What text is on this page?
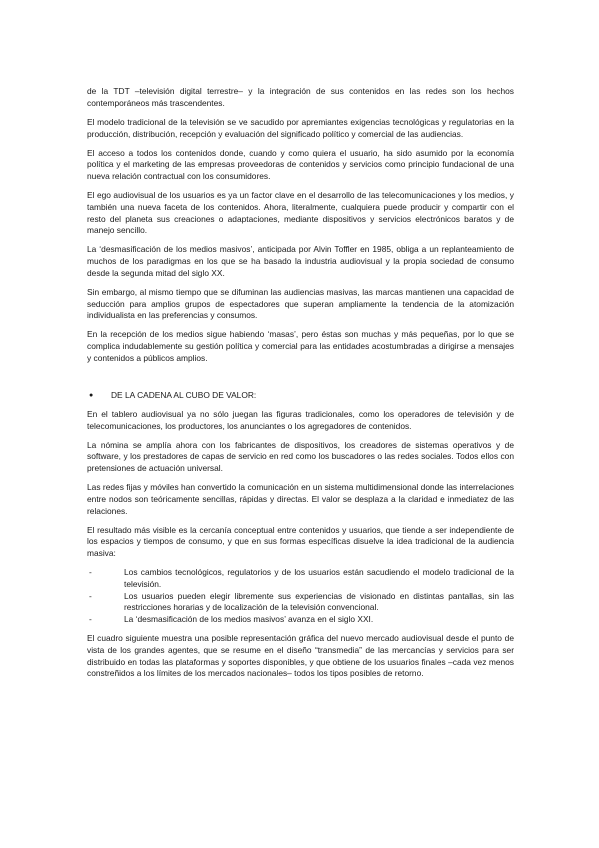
de la TDT –televisión digital terrestre– y la integración de sus contenidos en las redes son los hechos contemporáneos más trascendentes.

El modelo tradicional de la televisión se ve sacudido por apremiantes exigencias tecnológicas y regulatorias en la producción, distribución, recepción y evaluación del significado político y comercial de las audiencias.

El acceso a todos los contenidos donde, cuando y como quiera el usuario, ha sido asumido por la economía política y el marketing de las empresas proveedoras de contenidos y servicios como principio fundacional de una nueva relación contractual con los consumidores.

El ego audiovisual de los usuarios es ya un factor clave en el desarrollo de las telecomunicaciones y los medios, y también una nueva faceta de los contenidos. Ahora, literalmente, cualquiera puede producir y compartir con el resto del planeta sus creaciones o adaptaciones, mediante dispositivos y servicios electrónicos baratos y de manejo sencillo.

La ‘desmasificación de los medios masivos’, anticipada por Alvin Toffler en 1985, obliga a un replanteamiento de muchos de los paradigmas en los que se ha basado la industria audiovisual y la propia sociedad de consumo desde la segunda mitad del siglo XX.

Sin embargo, al mismo tiempo que se difuminan las audiencias masivas, las marcas mantienen una capacidad de seducción para amplios grupos de espectadores que superan ampliamente la tendencia de la atomización individualista en las preferencias y consumos.

En la recepción de los medios sigue habiendo ‘masas’, pero éstas son muchas y más pequeñas, por lo que se complica indudablemente su gestión política y comercial para las entidades acostumbradas a dirigirse a mensajes y contenidos a públicos amplios.

●	DE LA CADENA AL CUBO DE VALOR:

En el tablero audiovisual ya no sólo juegan las figuras tradicionales, como los operadores de televisión y de telecomunicaciones, los productores, los anunciantes o los agregadores de contenidos.

La nómina se amplía ahora con los fabricantes de dispositivos, los creadores de sistemas operativos y de software, y los prestadores de capas de servicio en red como los buscadores o las redes sociales. Todos ellos con pretensiones de actuación universal.

Las redes fijas y móviles han convertido la comunicación en un sistema multidimensional donde las interrelaciones entre nodos son teóricamente sencillas, rápidas y directas. El valor se desplaza a la claridad e inmediatez de las relaciones.

El resultado más visible es la cercanía conceptual entre contenidos y usuarios, que tiende a ser independiente de los espacios y tiempos de consumo, y que en sus formas específicas disuelve la idea tradicional de la audiencia masiva:

-	Los cambios tecnológicos, regulatorios y de los usuarios están sacudiendo el modelo tradicional de la televisión.
-	Los usuarios pueden elegir libremente sus experiencias de visionado en distintas pantallas, sin las restricciones horarias y de localización de la televisión convencional.
-	La ‘desmasificación de los medios masivos’ avanza en el siglo XXI.

El cuadro siguiente muestra una posible representación gráfica del nuevo mercado audiovisual desde el punto de vista de los grandes agentes, que se resume en el diseño “transmedia” de las mercancías y servicios para ser distribuido en todas las plataformas y soportes disponibles, y que obtiene de los usuarios finales –cada vez menos constreñidos a los límites de los mercados nacionales– todos los tipos posibles de retorno.
